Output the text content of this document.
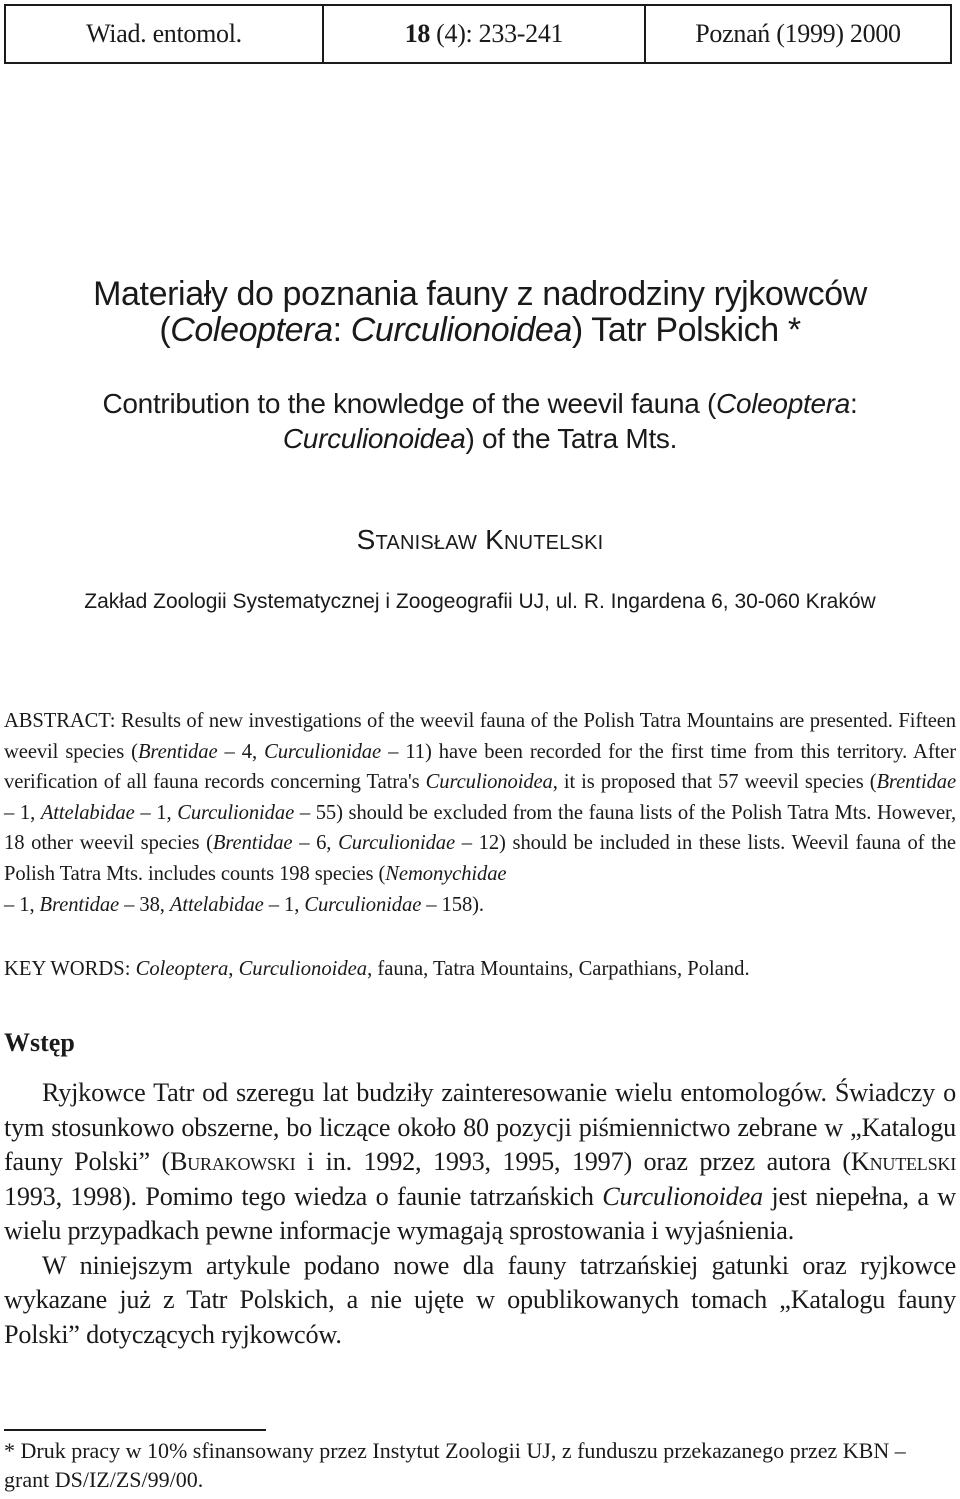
Wiad. entomol.	18 (4): 233-241	Poznań (1999) 2000
Materiały do poznania fauny z nadrodziny ryjkowców
(Coleoptera: Curculionoidea) Tatr Polskich *
Contribution to the knowledge of the weevil fauna (Coleoptera:
Curculionoidea) of the Tatra Mts.
Stanisław Knutelski
Zakład Zoologii Systematycznej i Zoogeografii UJ, ul. R. Ingardena 6, 30-060 Kraków
ABSTRACT: Results of new investigations of the weevil fauna of the Polish Tatra Mountains are presented. Fifteen weevil species (Brentidae – 4, Curculionidae – 11) have been recorded for the first time from this territory. After verification of all fauna records concerning Tatra's Curculionoidea, it is proposed that 57 weevil species (Brentidae – 1, Attelabidae – 1, Curculionidae – 55) should be excluded from the fauna lists of the Polish Tatra Mts. However, 18 other weevil species (Brentidae – 6, Curculionidae – 12) should be included in these lists. Weevil fauna of the Polish Tatra Mts. includes counts 198 species (Nemonychidae
– 1, Brentidae – 38, Attelabidae – 1, Curculionidae – 158).
KEY WORDS: Coleoptera, Curculionoidea, fauna, Tatra Mountains, Carpathians, Poland.
Wstęp

Ryjkowce Tatr od szeregu lat budziły zainteresowanie wielu entomologów. Świadczy o tym stosunkowo obszerne, bo liczące około 80 pozycji piśmiennictwo zebrane w „Katalogu fauny Polski” (Burakowski i in. 1992, 1993, 1995, 1997) oraz przez autora (Knutelski 1993, 1998). Pomimo tego wiedza o faunie tatrzańskich Curculionoidea jest niepełna, a w wielu przypadkach pewne informacje wymagają sprostowania i wyjaśnienia.

W niniejszym artykule podano nowe dla fauny tatrzańskiej gatunki oraz ryjkowce wykazane już z Tatr Polskich, a nie ujęte w opublikowanych tomach „Katalogu fauny Polski” dotyczących ryjkowców.

* Druk pracy w 10% sfinansowany przez Instytut Zoologii UJ, z funduszu przekazanego przez KBN – grant DS/IZ/ZS/99/00.
